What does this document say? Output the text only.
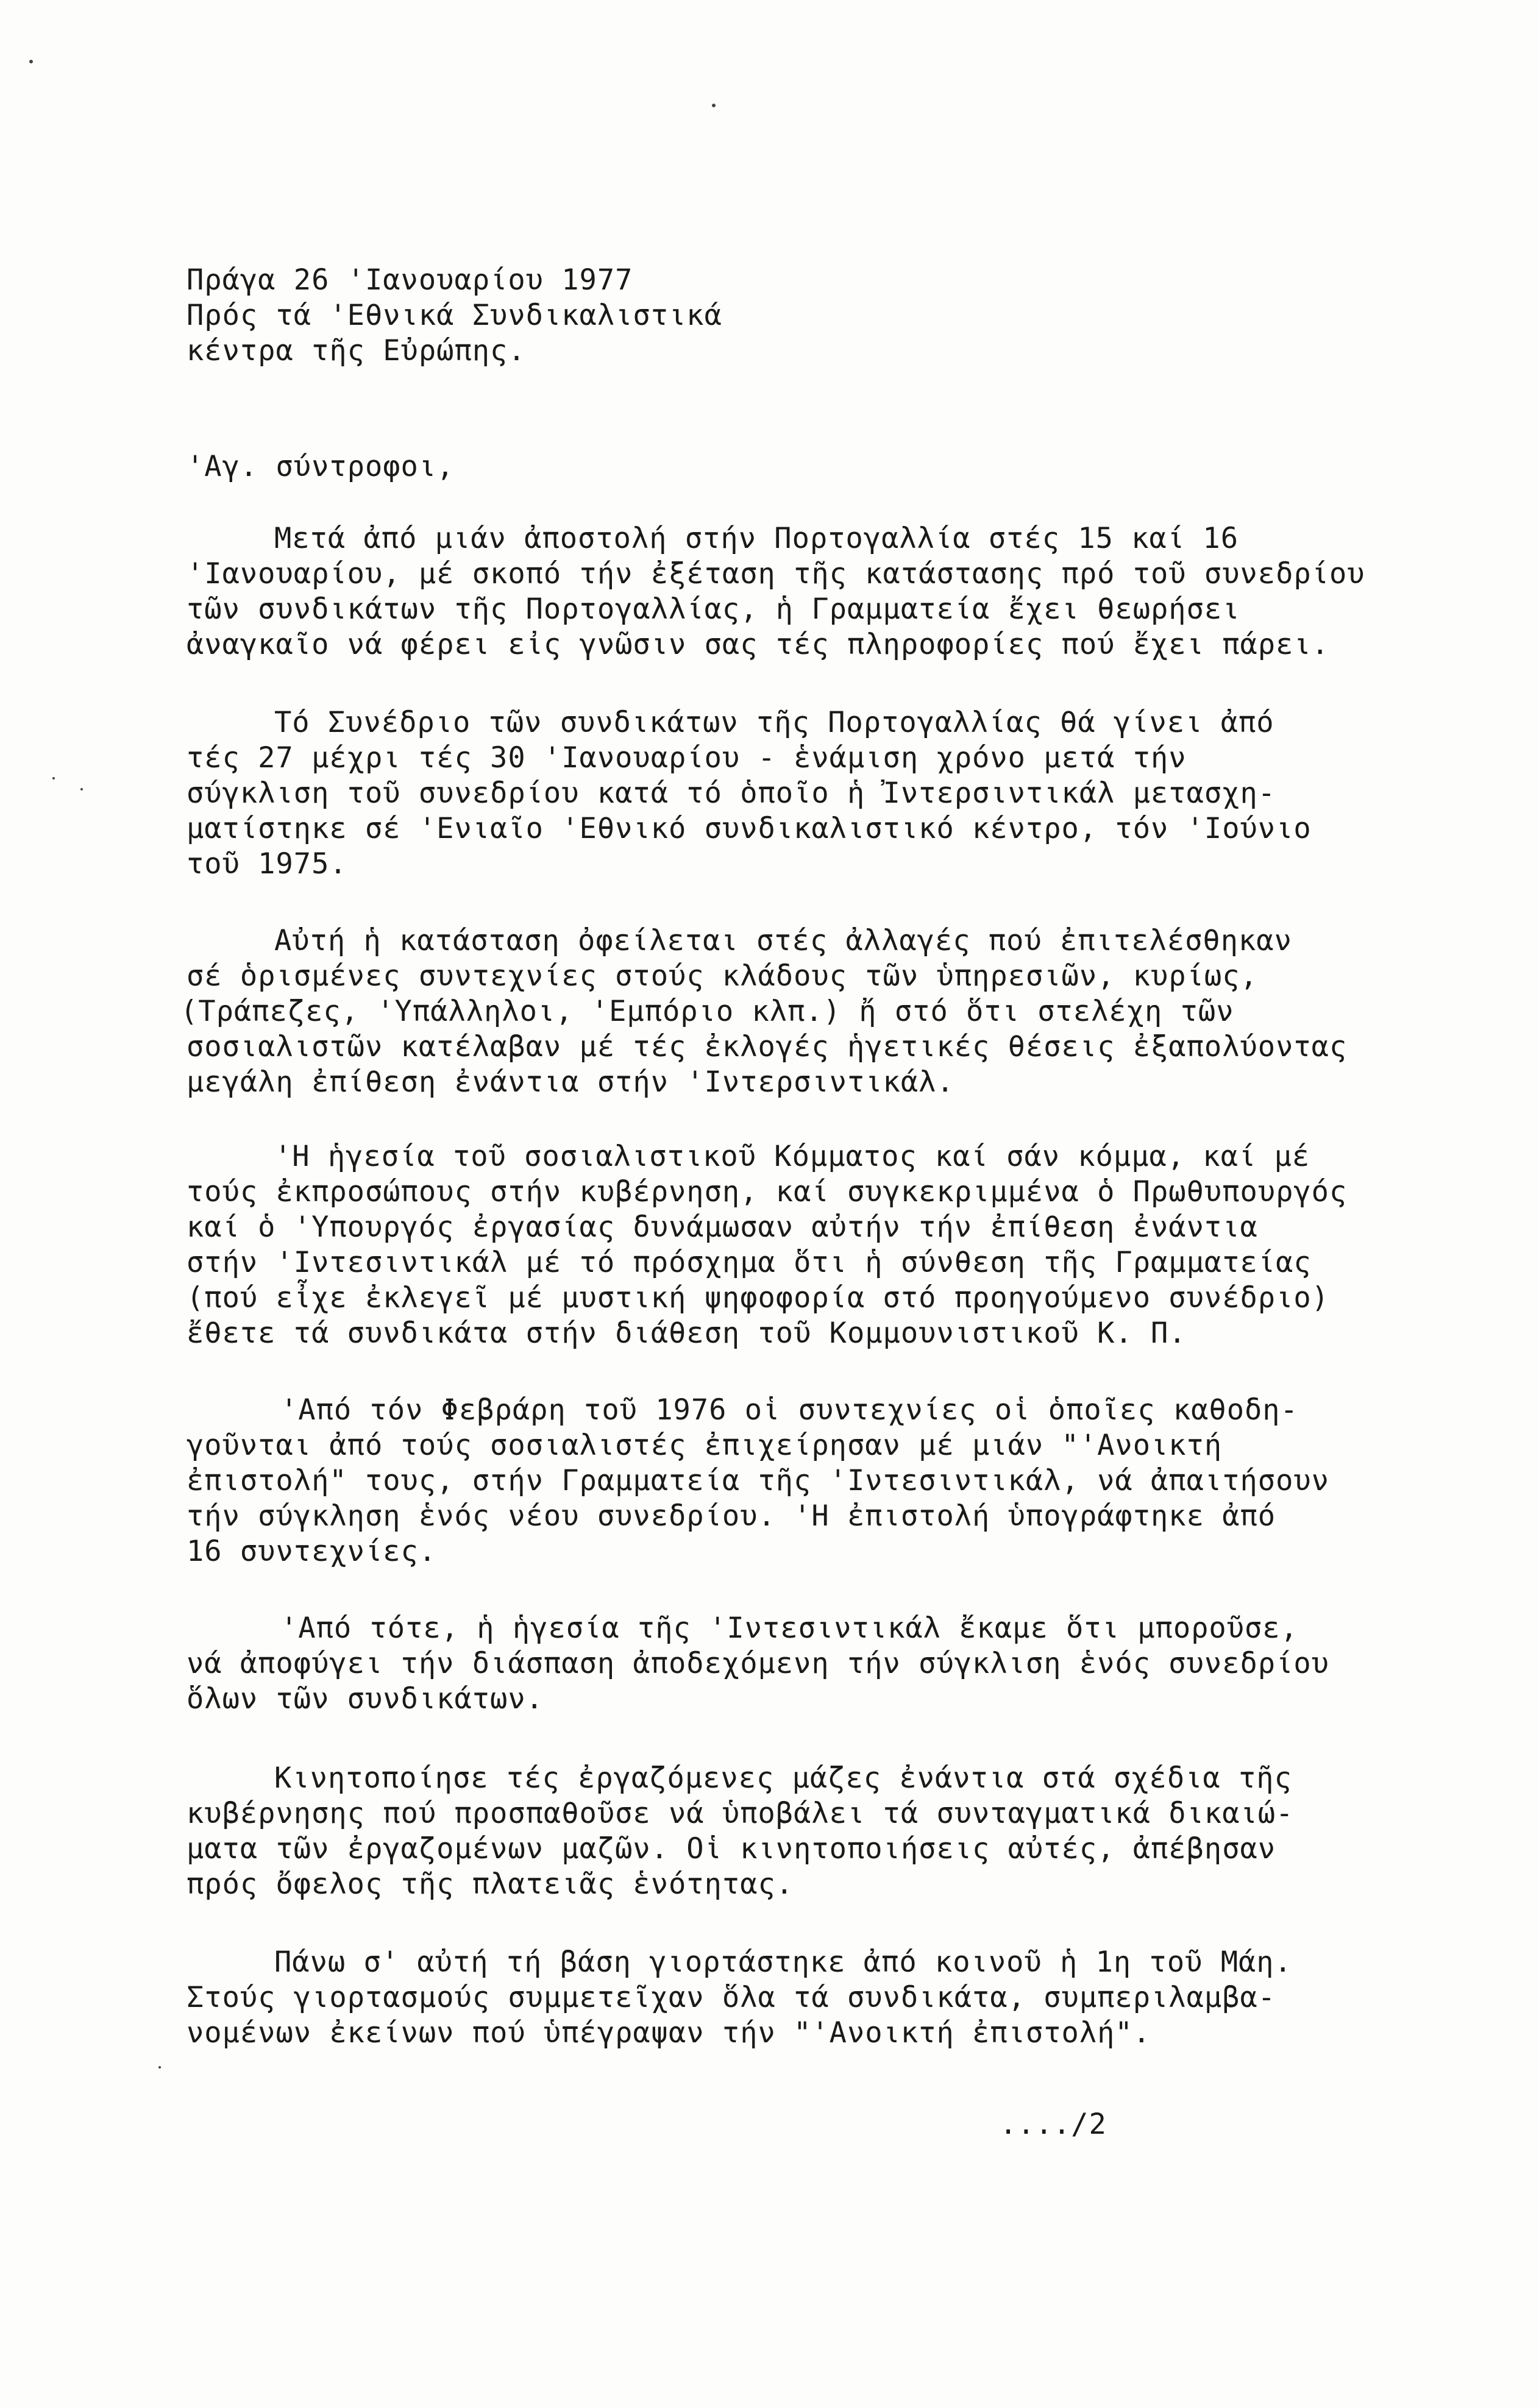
Πράγα 26 'Ιανουαρίου 1977
Πρός τά 'Εθνικά Συνδικαλιστικά
κέντρα τῆς Εὐρώπης.
'Αγ. σύντροφοι,
Μετά ἀπό μιάν ἀποστολή στήν Πορτογαλλία στές 15 καί 16
'Ιανουαρίου, μέ σκοπό τήν ἐξέταση τῆς κατάστασης πρό τοῦ συνεδρίου
τῶν συνδικάτων τῆς Πορτογαλλίας, ἡ Γραμματεία ἔχει θεωρήσει
ἀναγκαῖο νά φέρει εἰς γνῶσιν σας τές πληροφορίες πού ἔχει πάρει.
Τό Συνέδριο τῶν συνδικάτων τῆς Πορτογαλλίας θά γίνει ἀπό
τές 27 μέχρι τές 30 'Ιανουαρίου - ἑνάμιση χρόνο μετά τήν
σύγκλιση τοῦ συνεδρίου κατά τό ὁποῖο ἡ Ἰντερσιντικάλ μετασχη-
ματίστηκε σέ 'Ενιαῖο 'Εθνικό συνδικαλιστικό κέντρο, τόν 'Ιούνιο
τοῦ 1975.
Αὐτή ἡ κατάσταση ὀφείλεται στές ἀλλαγές πού ἐπιτελέσθηκαν
σέ ὁρισμένες συντεχνίες στούς κλάδους τῶν ὑπηρεσιῶν, κυρίως,
(Τράπεζες, 'Υπάλληλοι, 'Εμπόριο κλπ.) ἤ στό ὅτι στελέχη τῶν
σοσιαλιστῶν κατέλαβαν μέ τές ἐκλογές ἡγετικές θέσεις ἐξαπολύοντας
μεγάλη ἐπίθεση ἐνάντια στήν 'Ιντερσιντικάλ.
'Η ἡγεσία τοῦ σοσιαλιστικοῦ Κόμματος καί σάν κόμμα, καί μέ
τούς ἐκπροσώπους στήν κυβέρνηση, καί συγκεκριμμένα ὁ Πρωθυπουργός
καί ὁ 'Υπουργός ἐργασίας δυνάμωσαν αὐτήν τήν ἐπίθεση ἐνάντια
στήν 'Ιντεσιντικάλ μέ τό πρόσχημα ὅτι ἡ σύνθεση τῆς Γραμματείας
(πού εἶχε ἐκλεγεῖ μέ μυστική ψηφοφορία στό προηγούμενο συνέδριο)
ἔθετε τά συνδικάτα στήν διάθεση τοῦ Κομμουνιστικοῦ Κ. Π.
'Από τόν Φεβράρη τοῦ 1976 οἱ συντεχνίες οἱ ὁποῖες καθοδη-
γοῦνται ἀπό τούς σοσιαλιστές ἐπιχείρησαν μέ μιάν "'Ανοικτή
ἐπιστολή" τους, στήν Γραμματεία τῆς 'Ιντεσιντικάλ, νά ἀπαιτήσουν
τήν σύγκληση ἑνός νέου συνεδρίου. 'Η ἐπιστολή ὑπογράφτηκε ἀπό
16 συντεχνίες.
'Από τότε, ἡ ἡγεσία τῆς 'Ιντεσιντικάλ ἔκαμε ὅτι μποροῦσε,
νά ἀποφύγει τήν διάσπαση ἀποδεχόμενη τήν σύγκλιση ἑνός συνεδρίου
ὅλων τῶν συνδικάτων.
Κινητοποίησε τές ἐργαζόμενες μάζες ἐνάντια στά σχέδια τῆς
κυβέρνησης πού προσπαθοῦσε νά ὑποβάλει τά συνταγματικά δικαιώ-
ματα τῶν ἐργαζομένων μαζῶν. Οἱ κινητοποιήσεις αὐτές, ἀπέβησαν
πρός ὄφελος τῆς πλατειᾶς ἑνότητας.
Πάνω σ' αὐτή τή βάση γιορτάστηκε ἀπό κοινοῦ ἡ 1η τοῦ Μάη.
Στούς γιορτασμούς συμμετεῖχαν ὅλα τά συνδικάτα, συμπεριλαμβα-
νομένων ἐκείνων πού ὑπέγραψαν τήν "'Ανοικτή ἐπιστολή".
..../2
